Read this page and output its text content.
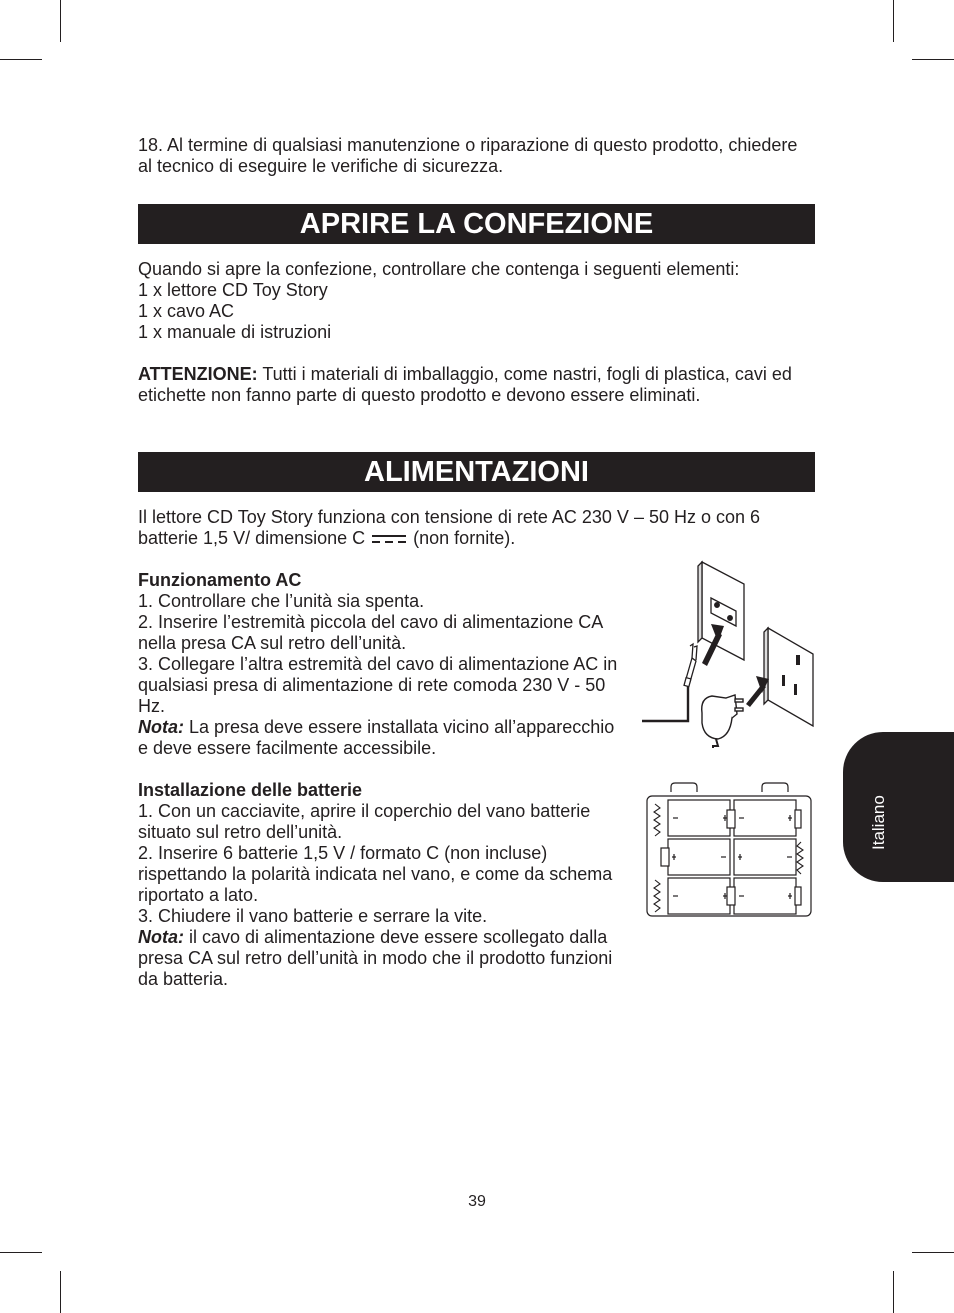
18. Al termine di qualsiasi manutenzione o riparazione di questo prodotto, chiedere al tecnico di eseguire le verifiche di sicurezza.

APRIRE LA CONFEZIONE

Quando si apre la confezione, controllare che contenga i seguenti elementi:

1 x lettore CD Toy Story

1 x cavo AC

1 x manuale di istruzioni

ATTENZIONE: Tutti i materiali di imballaggio, come nastri, fogli di plastica, cavi ed etichette non fanno parte di questo prodotto e devono essere eliminati.

ALIMENTAZIONI

Il lettore CD Toy Story funziona con tensione di rete AC 230 V – 50 Hz o con 6 batterie 1,5 V/ dimensione C  (non fornite).

Funzionamento AC

1. Controllare che l’unità sia spenta.

2. Inserire l’estremità piccola del cavo di alimentazione CA nella presa CA sul retro dell’unità.

3. Collegare l’altra estremità del cavo di alimentazione AC in qualsiasi presa di alimentazione di rete comoda 230 V - 50 Hz.

Nota: La presa deve essere installata vicino all’apparecchio e deve essere facilmente accessibile.

Installazione delle batterie

1. Con un cacciavite, aprire il coperchio del vano batterie situato sul retro dell’unità.

2. Inserire 6 batterie 1,5 V / formato C (non incluse) rispettando la polarità indicata nel vano, e come da schema riportato a lato.

3. Chiudere il vano batterie e serrare la vite.

Nota: il cavo di alimentazione deve essere scollegato dalla presa CA sul retro dell’unità in modo che il prodotto funzioni da batteria.

Italiano
39
